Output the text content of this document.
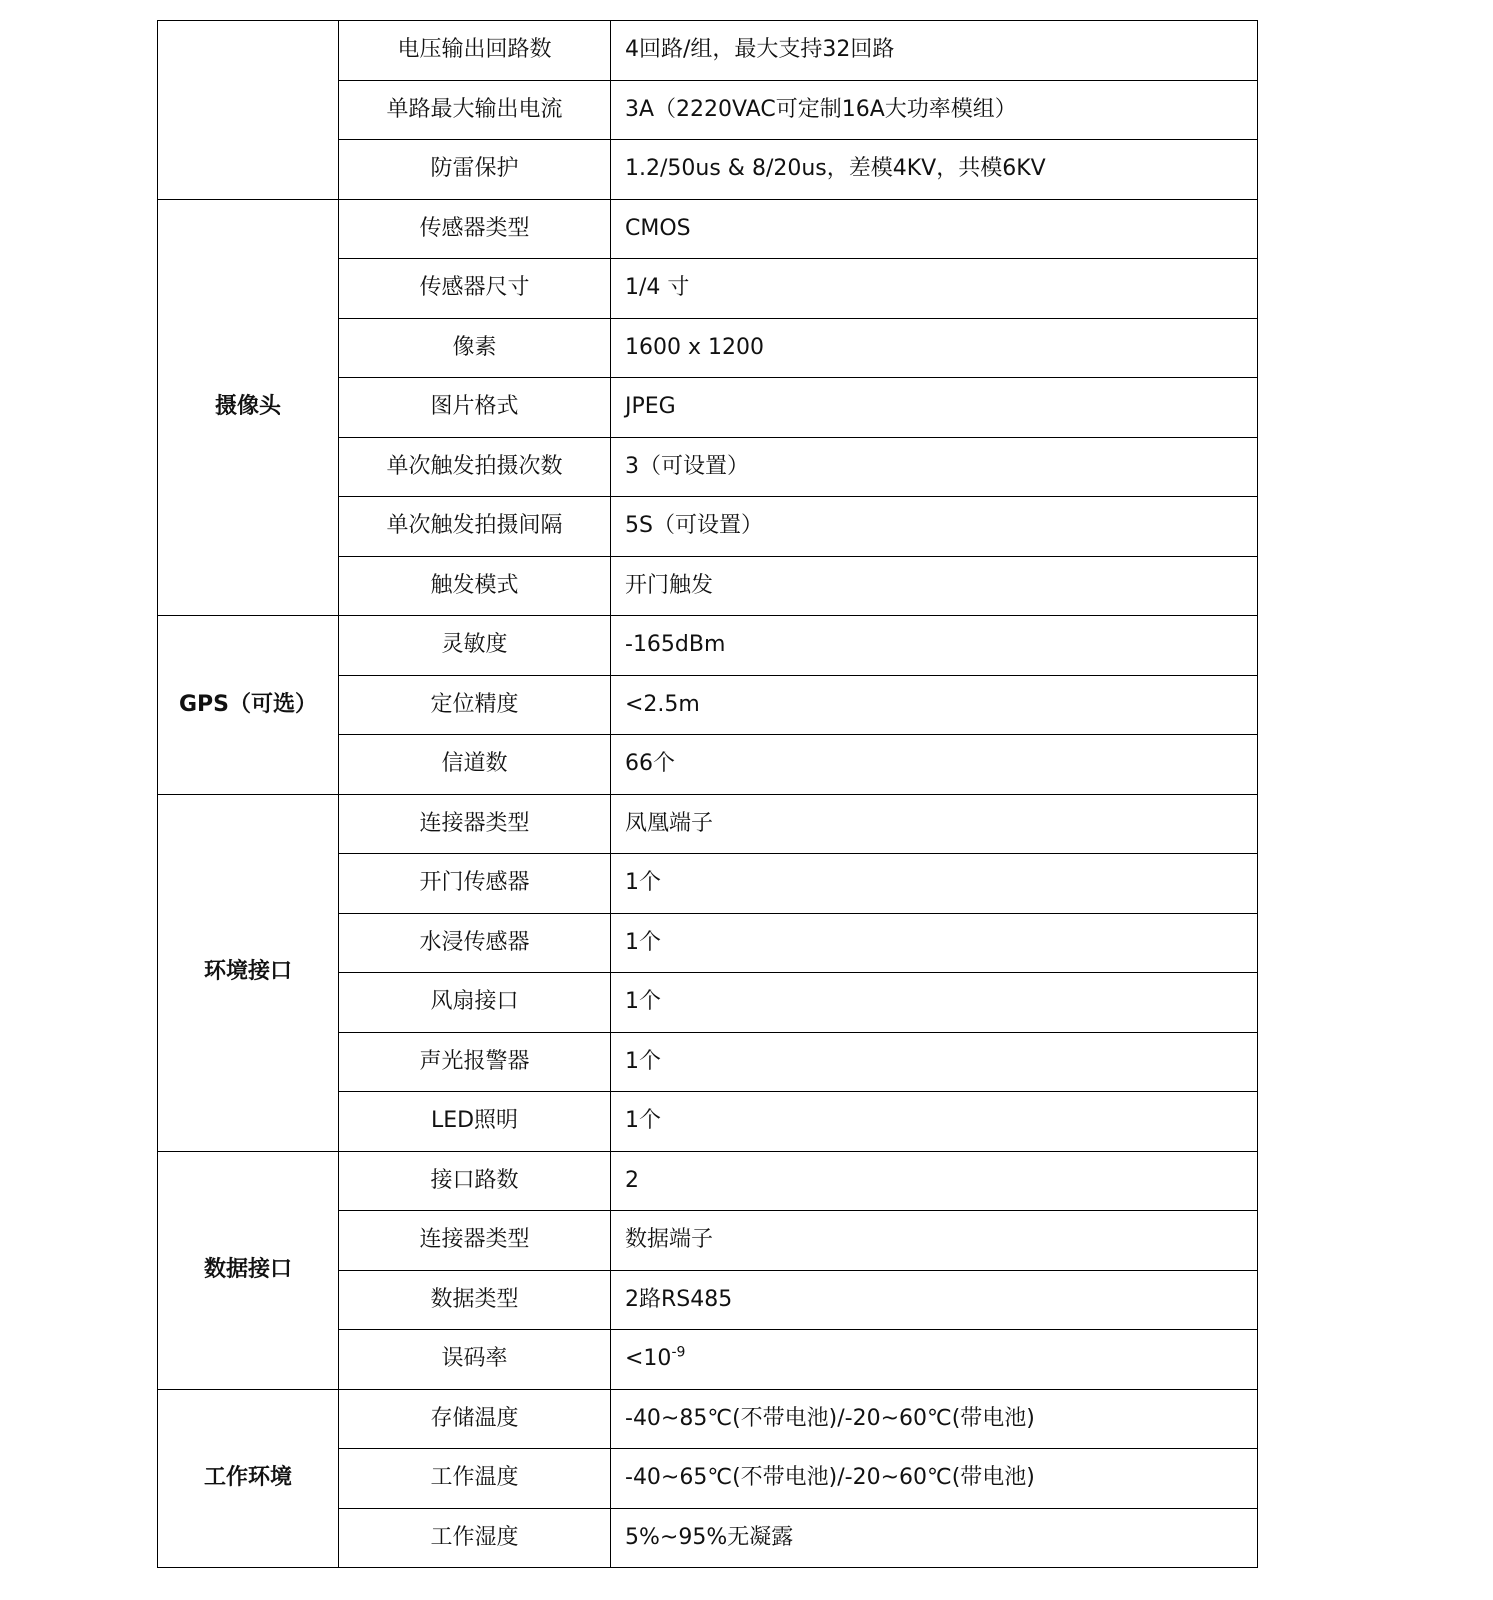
	电压输出回路数	4回路/组，最大支持32回路
	单路最大输出电流	3A（2220VAC可定制16A大功率模组）
	防雷保护	1.2/50us & 8/20us，差模4KV，共模6KV
摄像头	传感器类型	CMOS
	传感器尺寸	1/4 寸
	像素	1600 x 1200
	图片格式	JPEG
	单次触发拍摄次数	3（可设置）
	单次触发拍摄间隔	5S（可设置）
	触发模式	开门触发
GPS（可选）	灵敏度	-165dBm
	定位精度	<2.5m
	信道数	66个
环境接口	连接器类型	凤凰端子
	开门传感器	1个
	水浸传感器	1个
	风扇接口	1个
	声光报警器	1个
	LED照明	1个
数据接口	接口路数	2
	连接器类型	数据端子
	数据类型	2路RS485
	误码率	$<10^{-9}$
工作环境	存储温度	-40~85℃(不带电池)/-20~60℃(带电池)
	工作温度	-40~65℃(不带电池)/-20~60℃(带电池)
	工作湿度	5%~95%无凝露
